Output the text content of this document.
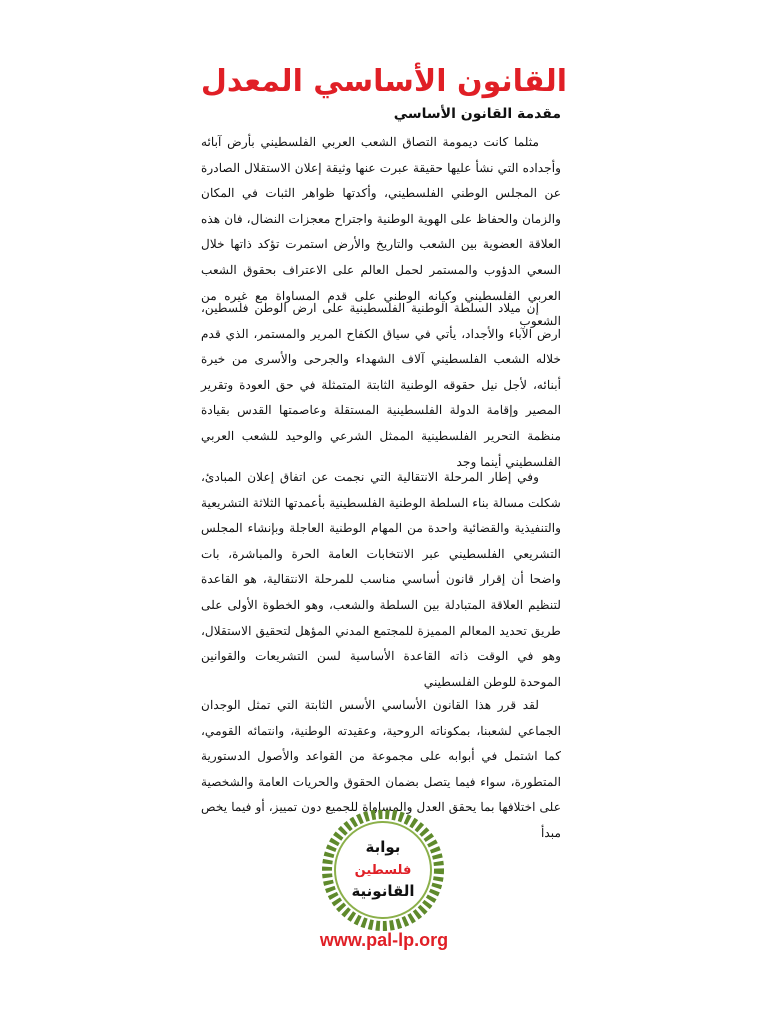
القانون الأساسي المعدل
مقدمة القانون الأساسي

مثلما كانت ديمومة التصاق الشعب العربي الفلسطيني بأرض آبائه وأجداده التي نشأ عليها حقيقة عبرت عنها وثيقة إعلان الاستقلال الصادرة عن المجلس الوطني الفلسطيني، وأكدتها ظواهر الثبات في المكان والزمان والحفاظ على الهوية الوطنية واجتراح معجزات النضال، فان هذه العلاقة العضوية بين الشعب والتاريخ والأرض استمرت تؤكد ذاتها خلال السعي الدؤوب والمستمر لحمل العالم على الاعتراف بحقوق الشعب العربي الفلسطيني وكيانه الوطني على قدم المساواة مع غيره من الشعوب

إن ميلاد السلطة الوطنية الفلسطينية على ارض الوطن فلسطين، ارض الآباء والأجداد، يأتي في سياق الكفاح المرير والمستمر، الذي قدم خلاله الشعب الفلسطيني آلاف الشهداء والجرحى والأسرى من خيرة أبنائه، لأجل نيل حقوقه الوطنية الثابتة المتمثلة في حق العودة وتقرير المصير وإقامة الدولة الفلسطينية المستقلة وعاصمتها القدس بقيادة منظمة التحرير الفلسطينية الممثل الشرعي والوحيد للشعب العربي الفلسطيني أينما وجد

وفي إطار المرحلة الانتقالية التي نجمت عن اتفاق إعلان المبادئ، شكلت مسالة بناء السلطة الوطنية الفلسطينية بأعمدتها الثلاثة التشريعية والتنفيذية والقضائية واحدة من المهام الوطنية العاجلة وبإنشاء المجلس التشريعي الفلسطيني عبر الانتخابات العامة الحرة والمباشرة، بات واضحا أن إقرار قانون أساسي مناسب للمرحلة الانتقالية، هو القاعدة لتنظيم العلاقة المتبادلة بين السلطة والشعب، وهو الخطوة الأولى على طريق تحديد المعالم المميزة للمجتمع المدني المؤهل لتحقيق الاستقلال، وهو في الوقت ذاته القاعدة الأساسية لسن التشريعات والقوانين الموحدة للوطن الفلسطيني

لقد قرر هذا القانون الأساسي الأسس الثابتة التي تمثل الوجدان الجماعي لشعبنا، بمكوناته الروحية، وعقيدته الوطنية، وانتمائه القومي، كما اشتمل في أبوابه على مجموعة من القواعد والأصول الدستورية المتطورة، سواء فيما يتصل بضمان الحقوق والحريات العامة والشخصية على اختلافها بما يحقق العدل والمساواة للجميع دون تمييز، أو فيما يخص مبدأ

بوابة
فلسطين
القانونية
www.pal-lp.org
